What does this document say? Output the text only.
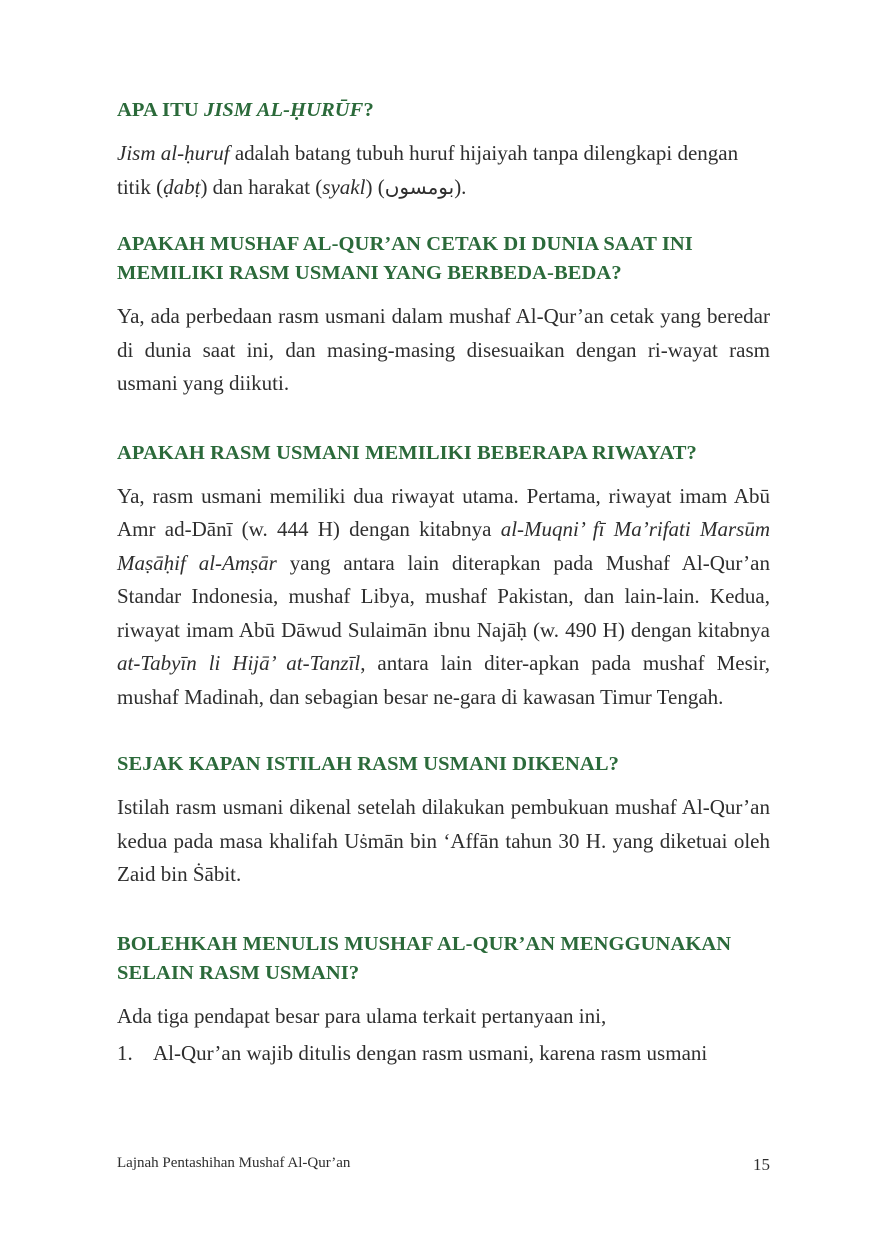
APA ITU JISM AL-ḤURŪF?

Jism al-ḥuruf adalah batang tubuh huruf hijaiyah tanpa dilengkapi dengan titik (ḍabṭ) dan harakat (syakl) (بومسوں).

APAKAH MUSHAF AL-QUR’AN CETAK DI DUNIA SAAT INI MEMILIKI RASM USMANI YANG BERBEDA-BEDA?

Ya, ada perbedaan rasm usmani dalam mushaf Al-Qur’an cetak yang beredar di dunia saat ini, dan masing-masing disesuaikan dengan ri-wayat rasm usmani yang diikuti.

APAKAH RASM USMANI MEMILIKI BEBERAPA RIWAYAT?

Ya, rasm usmani memiliki dua riwayat utama. Pertama, riwayat imam Abū Amr ad-Dānī (w. 444 H) dengan kitabnya al-Muqni’ fī Ma’rifati Marsūm Maṣāḥif al-Amṣār yang antara lain diterapkan pada Mushaf Al-Qur’an Standar Indonesia, mushaf Libya, mushaf Pakistan, dan lain-lain. Kedua, riwayat imam Abū Dāwud Sulaimān ibnu Najāḥ (w. 490 H) dengan kitabnya at-Tabyīn li Hijā’ at-Tanzīl, antara lain diter-apkan pada mushaf Mesir, mushaf Madinah, dan sebagian besar ne-gara di kawasan Timur Tengah.

SEJAK KAPAN ISTILAH RASM USMANI DIKENAL?

Istilah rasm usmani dikenal setelah dilakukan pembukuan mushaf Al-Qur’an kedua pada masa khalifah Uṡmān bin ‘Affān tahun 30 H. yang diketuai oleh Zaid bin Ṡābit.

BOLEHKAH MENULIS MUSHAF AL-QUR’AN MENGGUNAKAN SELAIN RASM USMANI?

Ada tiga pendapat besar para ulama terkait pertanyaan ini,

1. Al-Qur’an wajib ditulis dengan rasm usmani, karena rasm usmani
Lajnah Pentashihan Mushaf Al-Qur’an	15
